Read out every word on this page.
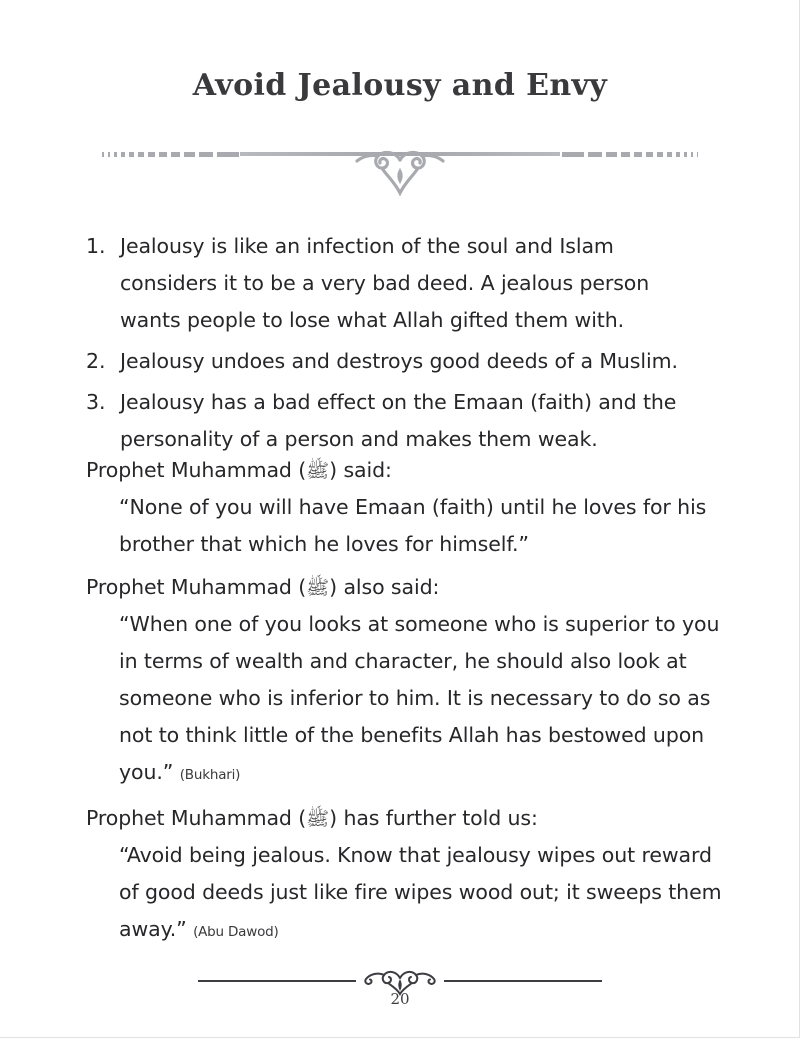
Avoid Jealousy and Envy
1. Jealousy is like an infection of the soul and Islam considers it to be a very bad deed. A jealous person wants people to lose what Allah gifted them with.
2. Jealousy undoes and destroys good deeds of a Muslim.
3. Jealousy has a bad effect on the Emaan (faith) and the personality of a person and makes them weak.

Prophet Muhammad (ﷺ) said:

“None of you will have Emaan (faith) until he loves for his brother that which he loves for himself.”

Prophet Muhammad (ﷺ) also said:

“When one of you looks at someone who is superior to you in terms of wealth and character, he should also look at someone who is inferior to him. It is necessary to do so as not to think little of the benefits Allah has bestowed upon you.” (Bukhari)

Prophet Muhammad (ﷺ) has further told us:

“Avoid being jealous. Know that jealousy wipes out reward of good deeds just like fire wipes wood out; it sweeps them away.” (Abu Dawod)

20
